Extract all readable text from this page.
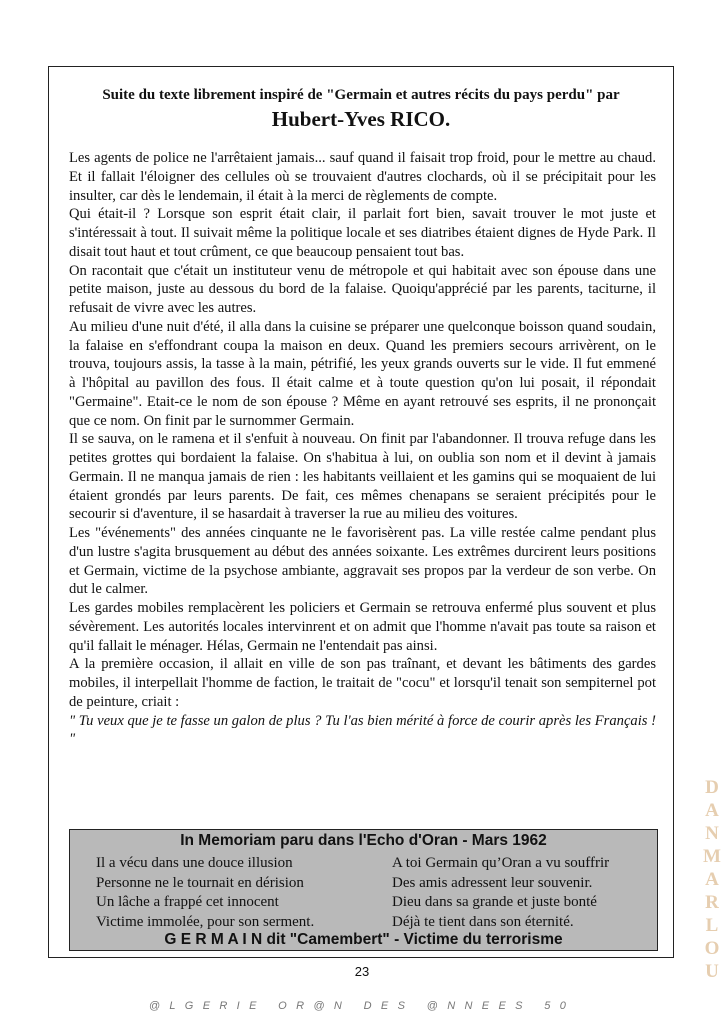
Suite du texte librement inspiré de "Germain et autres récits du pays perdu" par
Hubert-Yves RICO.

Les agents de police ne l'arrêtaient jamais... sauf quand il faisait trop froid, pour le mettre au chaud. Et il fallait l'éloigner des cellules où se trouvaient d'autres clochards, où il se précipitait pour les insulter, car dès le lendemain, il était à la merci de règlements de compte.

Qui était-il ? Lorsque son esprit était clair, il parlait fort bien, savait trouver le mot juste et s'intéressait à tout. Il suivait même la politique locale et ses diatribes étaient dignes de Hyde Park. Il disait tout haut et tout crûment, ce que beaucoup pensaient tout bas.

On racontait que c'était un instituteur venu de métropole et qui habitait avec son épouse dans une petite maison, juste au dessous du bord de la falaise. Quoiqu'apprécié par les parents, taciturne, il refusait de vivre avec les autres.

Au milieu d'une nuit d'été, il alla dans la cuisine se préparer une quelconque boisson quand soudain, la falaise en s'effondrant coupa la maison en deux. Quand les premiers secours arrivèrent, on le trouva, toujours assis, la tasse à la main, pétrifié, les yeux grands ouverts sur le vide. Il fut emmené à l'hôpital au pavillon des fous. Il était calme et à toute question qu'on lui posait, il répondait "Germaine". Etait-ce le nom de son épouse ? Même en ayant retrouvé ses esprits, il ne prononçait que ce nom. On finit par le surnommer Germain.

Il se sauva, on le ramena et il s'enfuit à nouveau. On finit par l'abandonner. Il trouva refuge dans les petites grottes qui bordaient la falaise. On s'habitua à lui, on oublia son nom et il devint à jamais Germain. Il ne manqua jamais de rien : les habitants veillaient et les gamins qui se moquaient de lui étaient grondés par leurs parents. De fait, ces mêmes chenapans se seraient précipités pour le secourir si d'aventure, il se hasardait à traverser la rue au milieu des voitures.

Les "événements" des années cinquante ne le favorisèrent pas. La ville restée calme pendant plus d'un lustre s'agita brusquement au début des années soixante. Les extrêmes durcirent leurs positions et Germain, victime de la psychose ambiante, aggravait ses propos par la verdeur de son verbe. On dut le calmer.

Les gardes mobiles remplacèrent les policiers et Germain se retrouva enfermé plus souvent et plus sévèrement. Les autorités locales intervinrent et on admit que l'homme n'avait pas toute sa raison et qu'il fallait le ménager. Hélas, Germain ne l'entendait pas ainsi.

A la première occasion, il allait en ville de son pas traînant, et devant les bâtiments des gardes mobiles, il interpellait l'homme de faction, le traitait de "cocu" et lorsqu'il tenait son sempiternel pot de peinture, criait :

" Tu veux que je te fasse un galon de plus ? Tu l'as bien mérité à force de courir après les Français ! "

In Memoriam paru dans l'Echo d'Oran - Mars 1962
Il a vécu dans une douce illusion
Personne ne le tournait en dérision
Un lâche a frappé cet innocent
Victime immolée, pour son serment.
A toi Germain qu’Oran a vu souffrir
Des amis adressent leur souvenir.
Dieu dans sa grande et juste bonté
Déjà te tient dans son éternité.
G E R M A I N dit "Camembert" - Victime du terrorisme
23
@LGERIE OR@N DES @NNEES 50
D
A
N
M
A
R
L
O
U
